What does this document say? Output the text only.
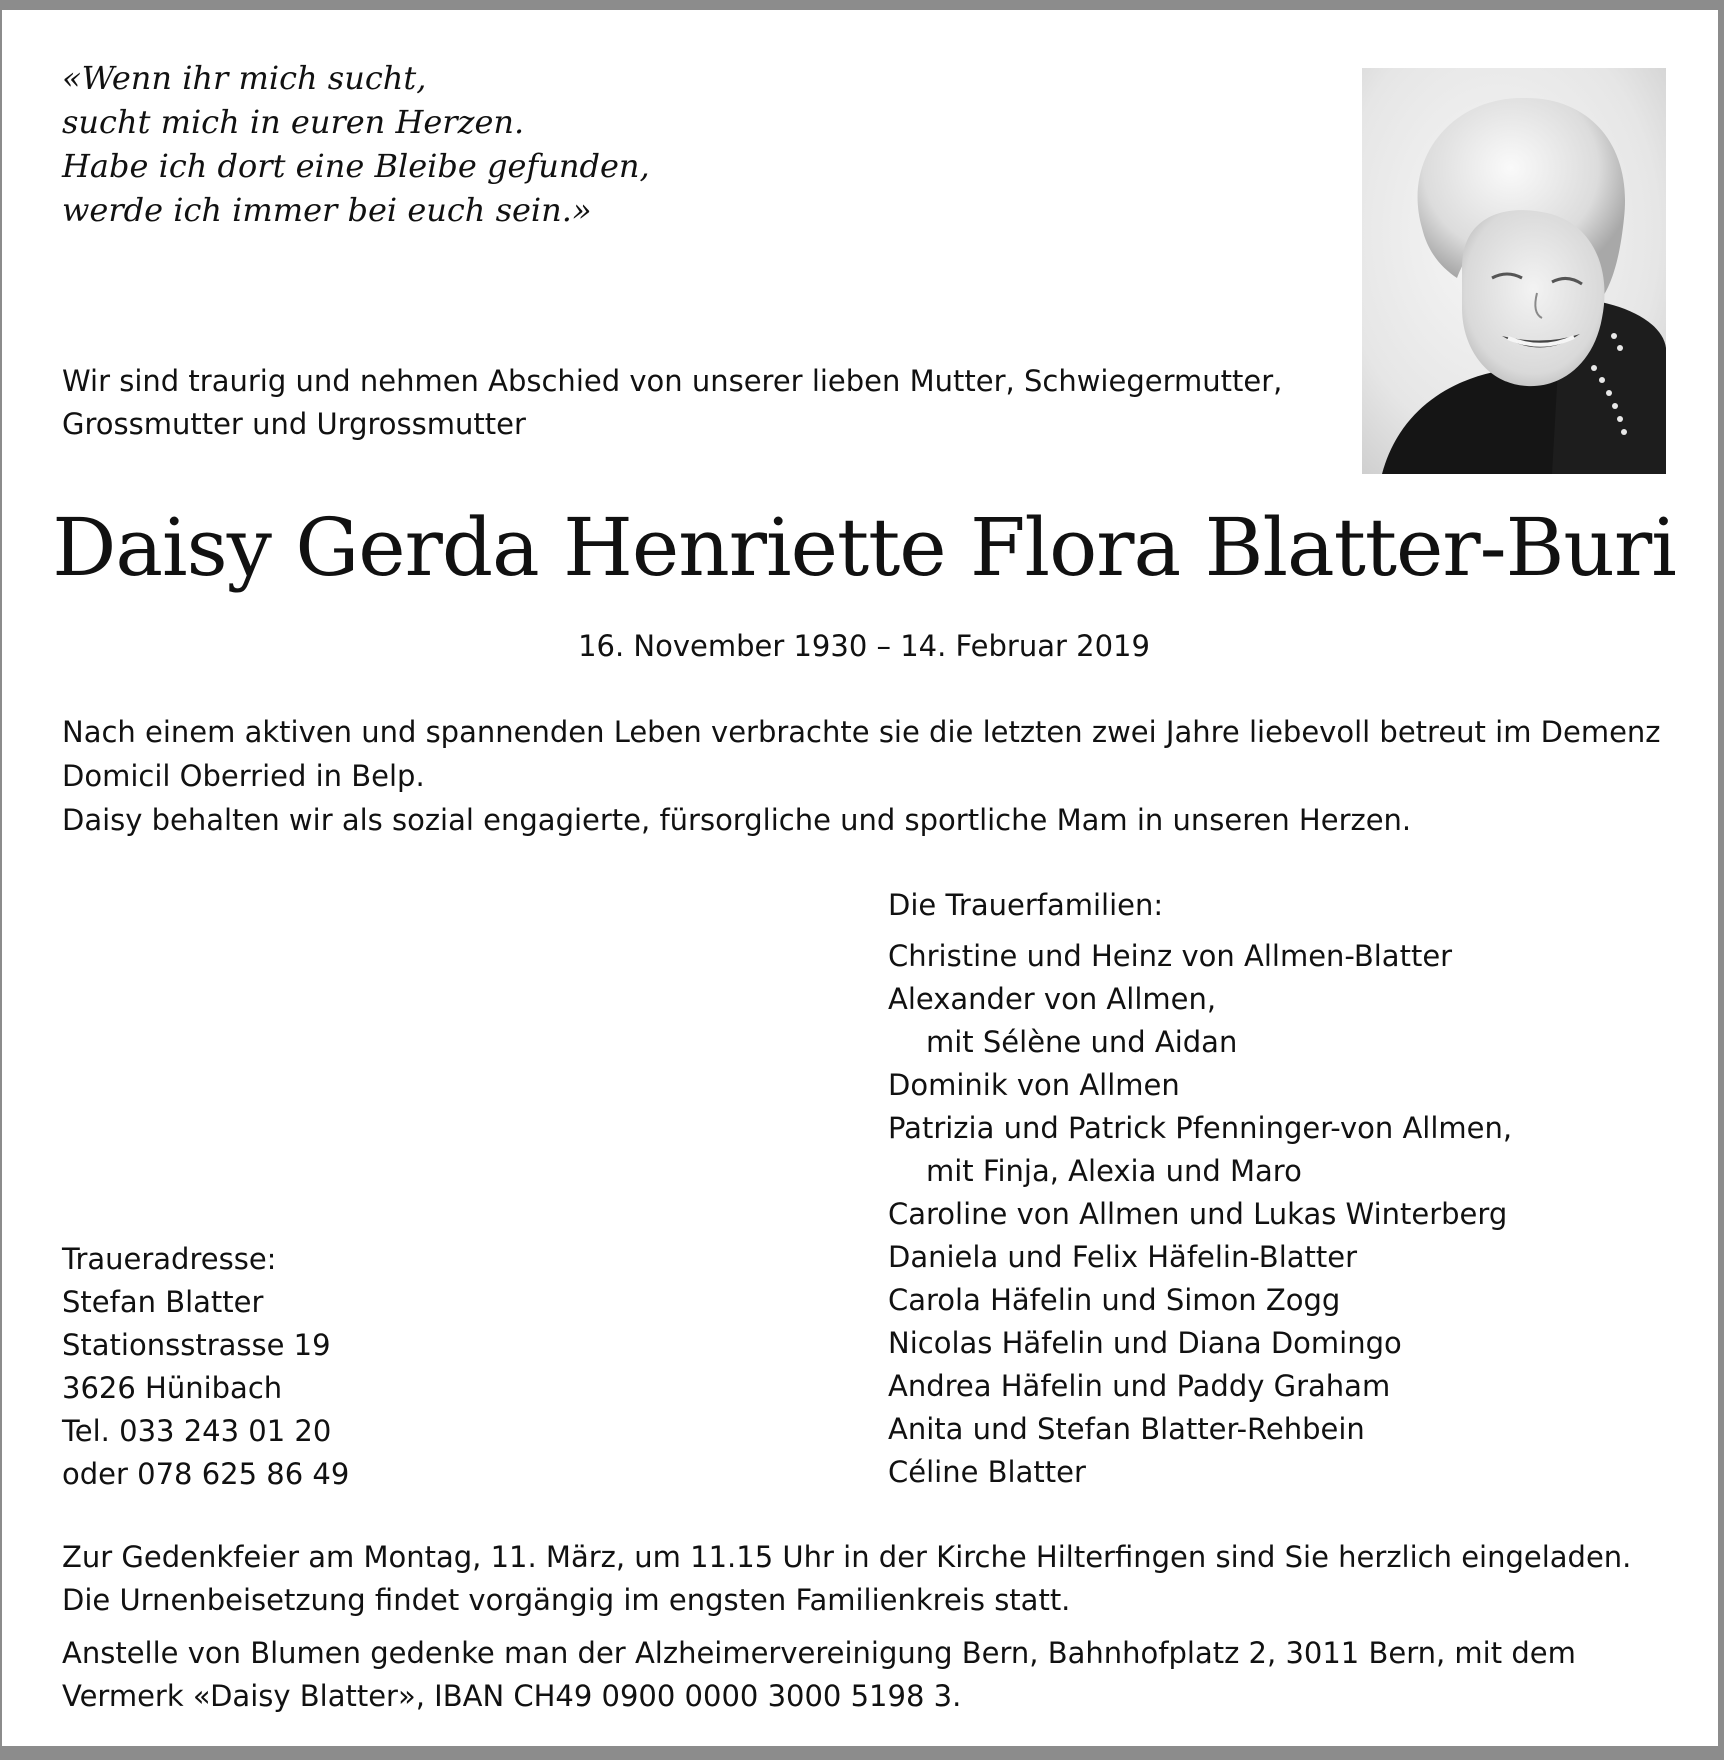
«Wenn ihr mich sucht,
sucht mich in euren Herzen.
Habe ich dort eine Bleibe gefunden,
werde ich immer bei euch sein.»
Wir sind traurig und nehmen Abschied von unserer lieben Mutter, Schwiegermutter,
Grossmutter und Urgrossmutter
Daisy Gerda Henriette Flora Blatter-Buri
16. November 1930 – 14. Februar 2019
Nach einem aktiven und spannenden Leben verbrachte sie die letzten zwei Jahre liebevoll betreut im Demenz
Domicil Oberried in Belp.
Daisy behalten wir als sozial engagierte, fürsorgliche und sportliche Mam in unseren Herzen.
Die Trauerfamilien:
Christine und Heinz von Allmen-Blatter
Alexander von Allmen,
mit Sélène und Aidan
Dominik von Allmen
Patrizia und Patrick Pfenninger-von Allmen,
mit Finja, Alexia und Maro
Caroline von Allmen und Lukas Winterberg
Daniela und Felix Häfelin-Blatter
Carola Häfelin und Simon Zogg
Nicolas Häfelin und Diana Domingo
Andrea Häfelin und Paddy Graham
Anita und Stefan Blatter-Rehbein
Céline Blatter
Traueradresse:
Stefan Blatter
Stationsstrasse 19
3626 Hünibach
Tel. 033 243 01 20
oder 078 625 86 49
Zur Gedenkfeier am Montag, 11. März, um 11.15 Uhr in der Kirche Hilterfingen sind Sie herzlich eingeladen.
Die Urnenbeisetzung findet vorgängig im engsten Familienkreis statt.
Anstelle von Blumen gedenke man der Alzheimervereinigung Bern, Bahnhofplatz 2, 3011 Bern, mit dem
Vermerk «Daisy Blatter», IBAN CH49 0900 0000 3000 5198 3.
